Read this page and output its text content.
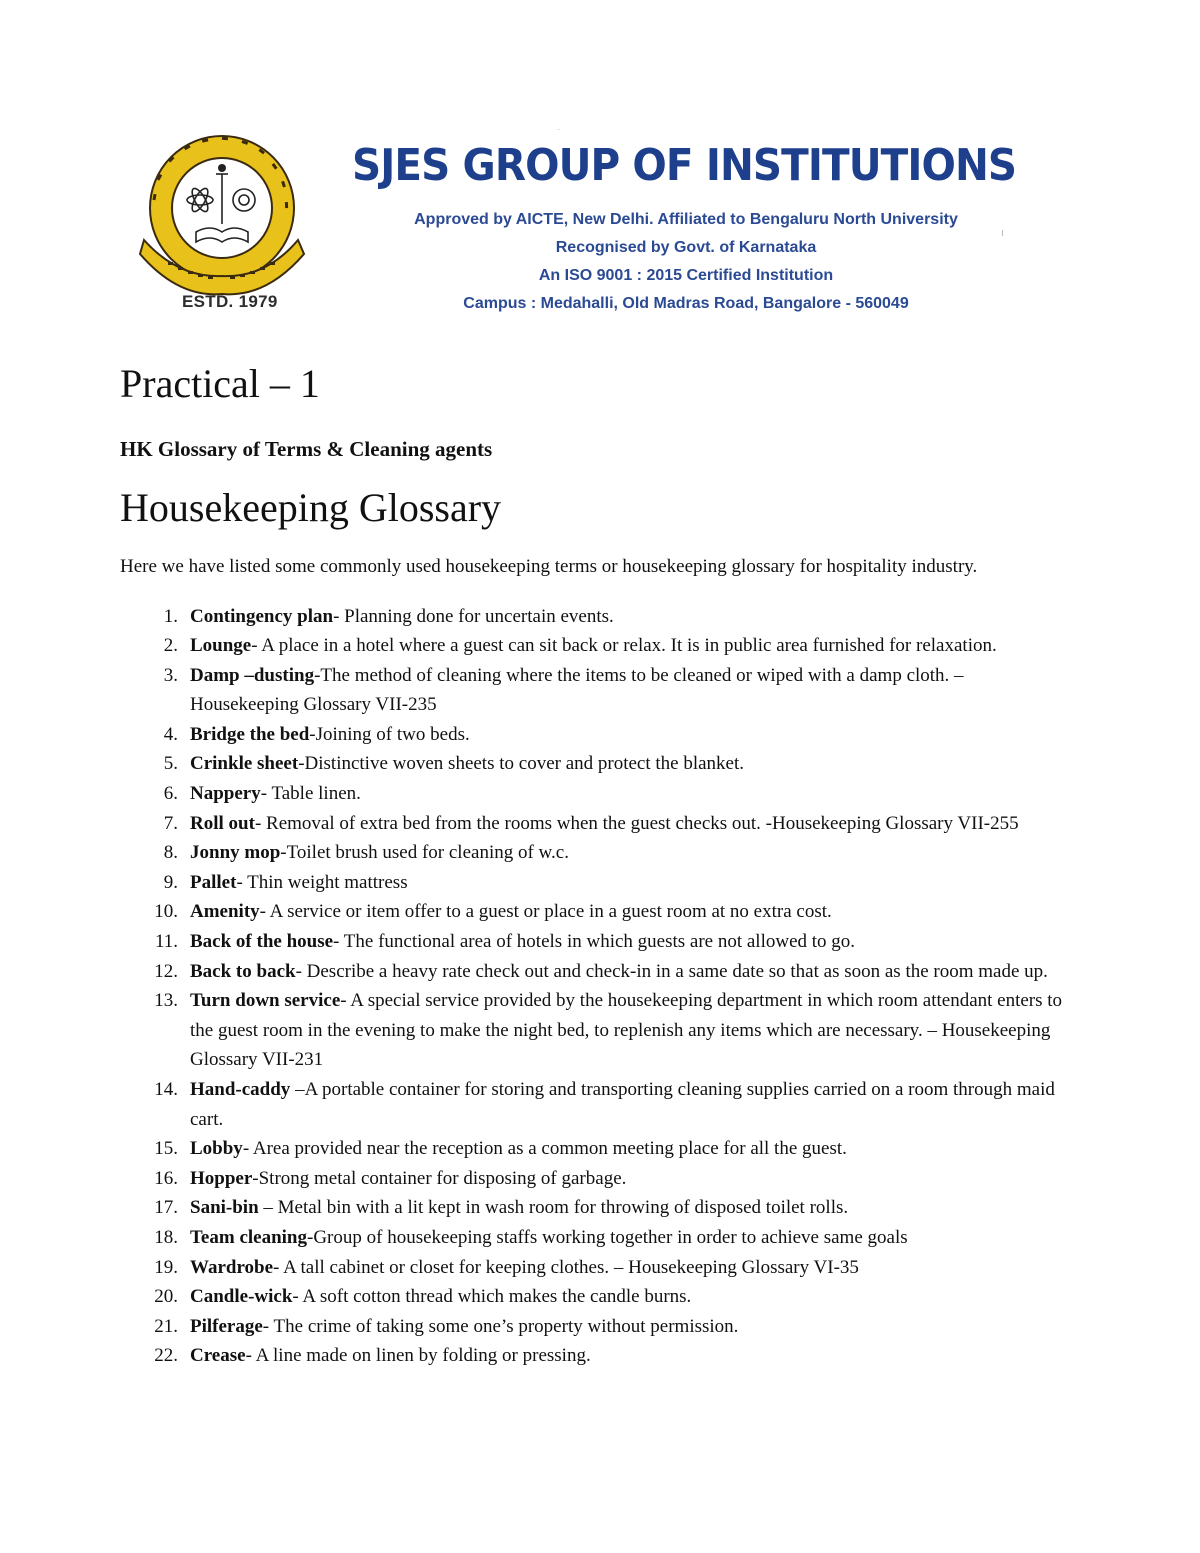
··
ESTD. 1979
SJES GROUP OF INSTITUTIONS
Approved by AICTE, New Delhi. Affiliated to Bengaluru North University
Recognised by Govt. of Karnataka
An ISO 9001 : 2015 Certified Institution
Campus : Medahalli, Old Madras Road, Bangalore - 560049
Practical – 1
HK Glossary of Terms & Cleaning agents
Housekeeping Glossary

Here we have listed some commonly used housekeeping terms or housekeeping glossary for hospitality industry.

1. Contingency plan- Planning done for uncertain events.
2. Lounge- A place in a hotel where a guest can sit back or relax. It is in public area furnished for relaxation.
3. Damp –dusting-The method of cleaning where the items to be cleaned or wiped with a damp cloth. – Housekeeping Glossary VII-235
4. Bridge the bed-Joining of two beds.
5. Crinkle sheet-Distinctive woven sheets to cover and protect the blanket.
6. Nappery- Table linen.
7. Roll out- Removal of extra bed from the rooms when the guest checks out. -Housekeeping Glossary VII-255
8. Jonny mop-Toilet brush used for cleaning of w.c.
9. Pallet- Thin weight mattress
10. Amenity- A service or item offer to a guest or place in a guest room at no extra cost.
11. Back of the house- The functional area of hotels in which guests are not allowed to go.
12. Back to back- Describe a heavy rate check out and check-in in a same date so that as soon as the room made up.
13. Turn down service- A special service provided by the housekeeping department in which room attendant enters to the guest room in the evening to make the night bed, to replenish any items which are necessary. – Housekeeping Glossary VII-231
14. Hand-caddy –A portable container for storing and transporting cleaning supplies carried on a room through maid cart.
15. Lobby- Area provided near the reception as a common meeting place for all the guest.
16. Hopper-Strong metal container for disposing of garbage.
17. Sani-bin – Metal bin with a lit kept in wash room for throwing of disposed toilet rolls.
18. Team cleaning-Group of housekeeping staffs working together in order to achieve same goals
19. Wardrobe- A tall cabinet or closet for keeping clothes. – Housekeeping Glossary VI-35
20. Candle-wick- A soft cotton thread which makes the candle burns.
21. Pilferage- The crime of taking some one’s property without permission.
22. Crease- A line made on linen by folding or pressing.
